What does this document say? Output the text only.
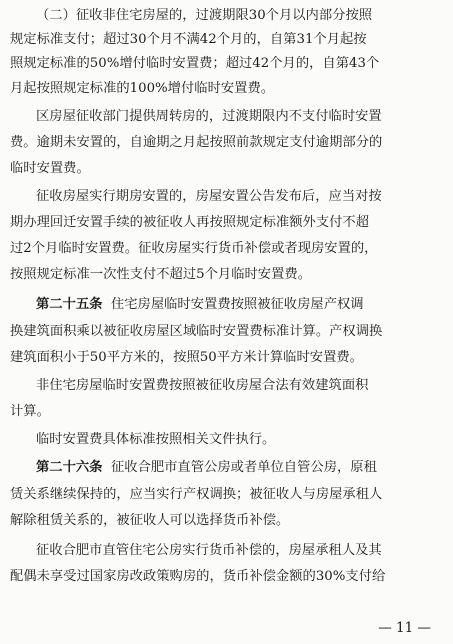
（二）征收非住宅房屋的，过渡期限30个月以内部分按照
规定标准支付；超过30个月不满42个月的，自第31个月起按
照规定标准的50%增付临时安置费；超过42个月的，自第43个
月起按照规定标准的100%增付临时安置费。
区房屋征收部门提供周转房的，过渡期限内不支付临时安置
费。逾期未安置的，自逾期之月起按照前款规定支付逾期部分的
临时安置费。
征收房屋实行期房安置的，房屋安置公告发布后，应当对按
期办理回迁安置手续的被征收人再按照规定标准额外支付不超
过2个月临时安置费。征收房屋实行货币补偿或者现房安置的，
按照规定标准一次性支付不超过5个月临时安置费。
第二十五条 住宅房屋临时安置费按照被征收房屋产权调
换建筑面积乘以被征收房屋区域临时安置费标准计算。产权调换
建筑面积小于50平方米的，按照50平方米计算临时安置费。
非住宅房屋临时安置费按照被征收房屋合法有效建筑面积
计算。
临时安置费具体标准按照相关文件执行。
第二十六条 征收合肥市直管公房或者单位自管公房，原租
赁关系继续保持的，应当实行产权调换；被征收人与房屋承租人
解除租赁关系的，被征收人可以选择货币补偿。
征收合肥市直管住宅公房实行货币补偿的，房屋承租人及其
配偶未享受过国家房改政策购房的，货币补偿金额的30%支付给
— 11 —
